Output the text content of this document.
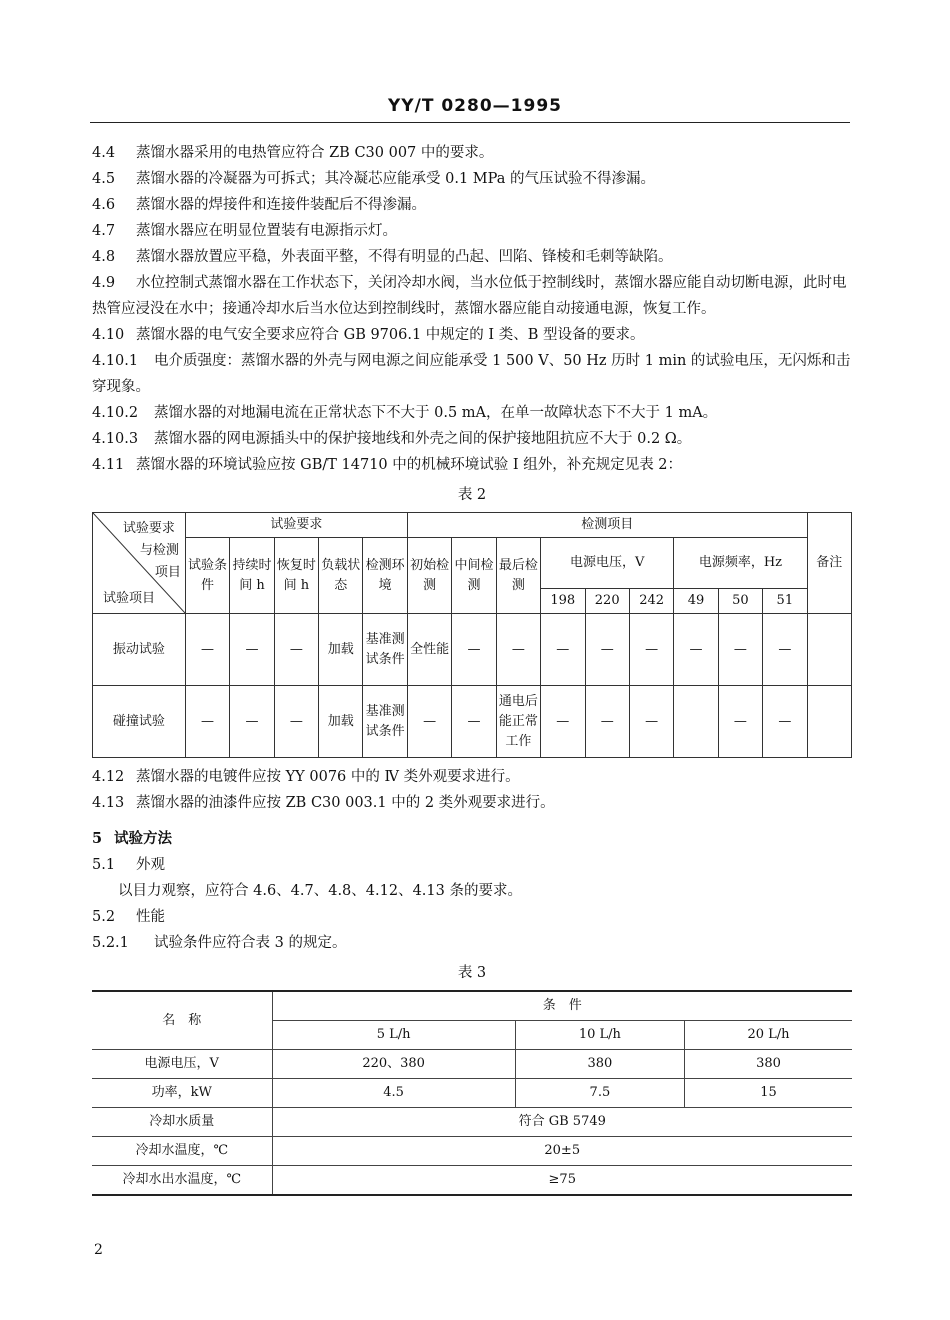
YY/T 0280—1995

4.4 蒸馏水器采用的电热管应符合 ZB C30 007 中的要求。

4.5 蒸馏水器的冷凝器为可拆式；其冷凝芯应能承受 0.1 MPa 的气压试验不得渗漏。

4.6 蒸馏水器的焊接件和连接件装配后不得渗漏。

4.7 蒸馏水器应在明显位置装有电源指示灯。

4.8 蒸馏水器放置应平稳，外表面平整，不得有明显的凸起、凹陷、锋棱和毛刺等缺陷。

4.9 水位控制式蒸馏水器在工作状态下，关闭冷却水阀，当水位低于控制线时，蒸馏水器应能自动切断电源，此时电热管应浸没在水中；接通冷却水后当水位达到控制线时，蒸馏水器应能自动接通电源，恢复工作。

4.10 蒸馏水器的电气安全要求应符合 GB 9706.1 中规定的 I 类、B 型设备的要求。

4.10.1 电介质强度：蒸馏水器的外壳与网电源之间应能承受 1 500 V、50 Hz 历时 1 min 的试验电压，无闪烁和击穿现象。

4.10.2 蒸馏水器的对地漏电流在正常状态下不大于 0.5 mA，在单一故障状态下不大于 1 mA。

4.10.3 蒸馏水器的网电源插头中的保护接地线和外壳之间的保护接地阻抗应不大于 0.2 Ω。

4.11 蒸馏水器的环境试验应按 GB/T 14710 中的机械环境试验 I 组外，补充规定见表 2：

表 2
试验要求
与检测
项目
试验项目	试验要求					检测项目									备注
	试验条件	持续时间 h	恢复时间 h	负载状态	检测环境	初始检测	中间检测	最后检测	电源电压，V			电源频率，Hz			
									198	220	242	49	50	51	
振动试验	—	—	—	加载	基准测试条件	全性能	—	—	—	—	—	—	—	—	
碰撞试验	—	—	—	加载	基准测试条件	—	—	通电后能正常工作	—	—	—		—	—	

4.12 蒸馏水器的电镀件应按 YY 0076 中的 Ⅳ 类外观要求进行。

4.13 蒸馏水器的油漆件应按 ZB C30 003.1 中的 2 类外观要求进行。

5 试验方法

5.1 外观

以目力观察，应符合 4.6、4.7、4.8、4.12、4.13 条的要求。

5.2 性能

5.2.1 试验条件应符合表 3 的规定。

表 3
名　称	条　件		
	5 L/h	10 L/h	20 L/h
电源电压，V	220、380	380	380
功率，kW	4.5	7.5	15
冷却水质量	符合 GB 5749		
冷却水温度，℃	20±5		
冷却水出水温度，℃	≥75		
2
